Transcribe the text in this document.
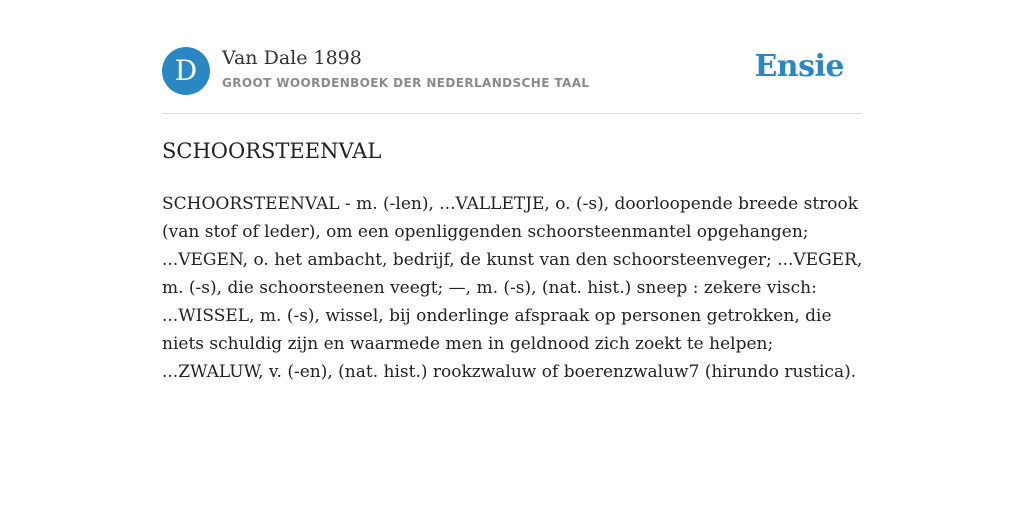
D	Van Dale 1898
GROOT WOORDENBOEK DER NEDERLANDSCHE TAAL	Ensie
SCHOORSTEENVAL
SCHOORSTEENVAL - m. (-len), ...VALLETJE, o. (-s), doorloopende breede strook
(van stof of leder), om een openliggenden schoorsteenmantel opgehangen;
...VEGEN, o. het ambacht, bedrijf, de kunst van den schoorsteenveger; ...VEGER,
m. (-s), die schoorsteenen veegt; —, m. (-s), (nat. hist.) sneep : zekere visch:
...WISSEL, m. (-s), wissel, bij onderlinge afspraak op personen getrokken, die
niets schuldig zijn en waarmede men in geldnood zich zoekt te helpen;
...ZWALUW, v. (-en), (nat. hist.) rookzwaluw of boerenzwaluw7 (hirundo rustica).
